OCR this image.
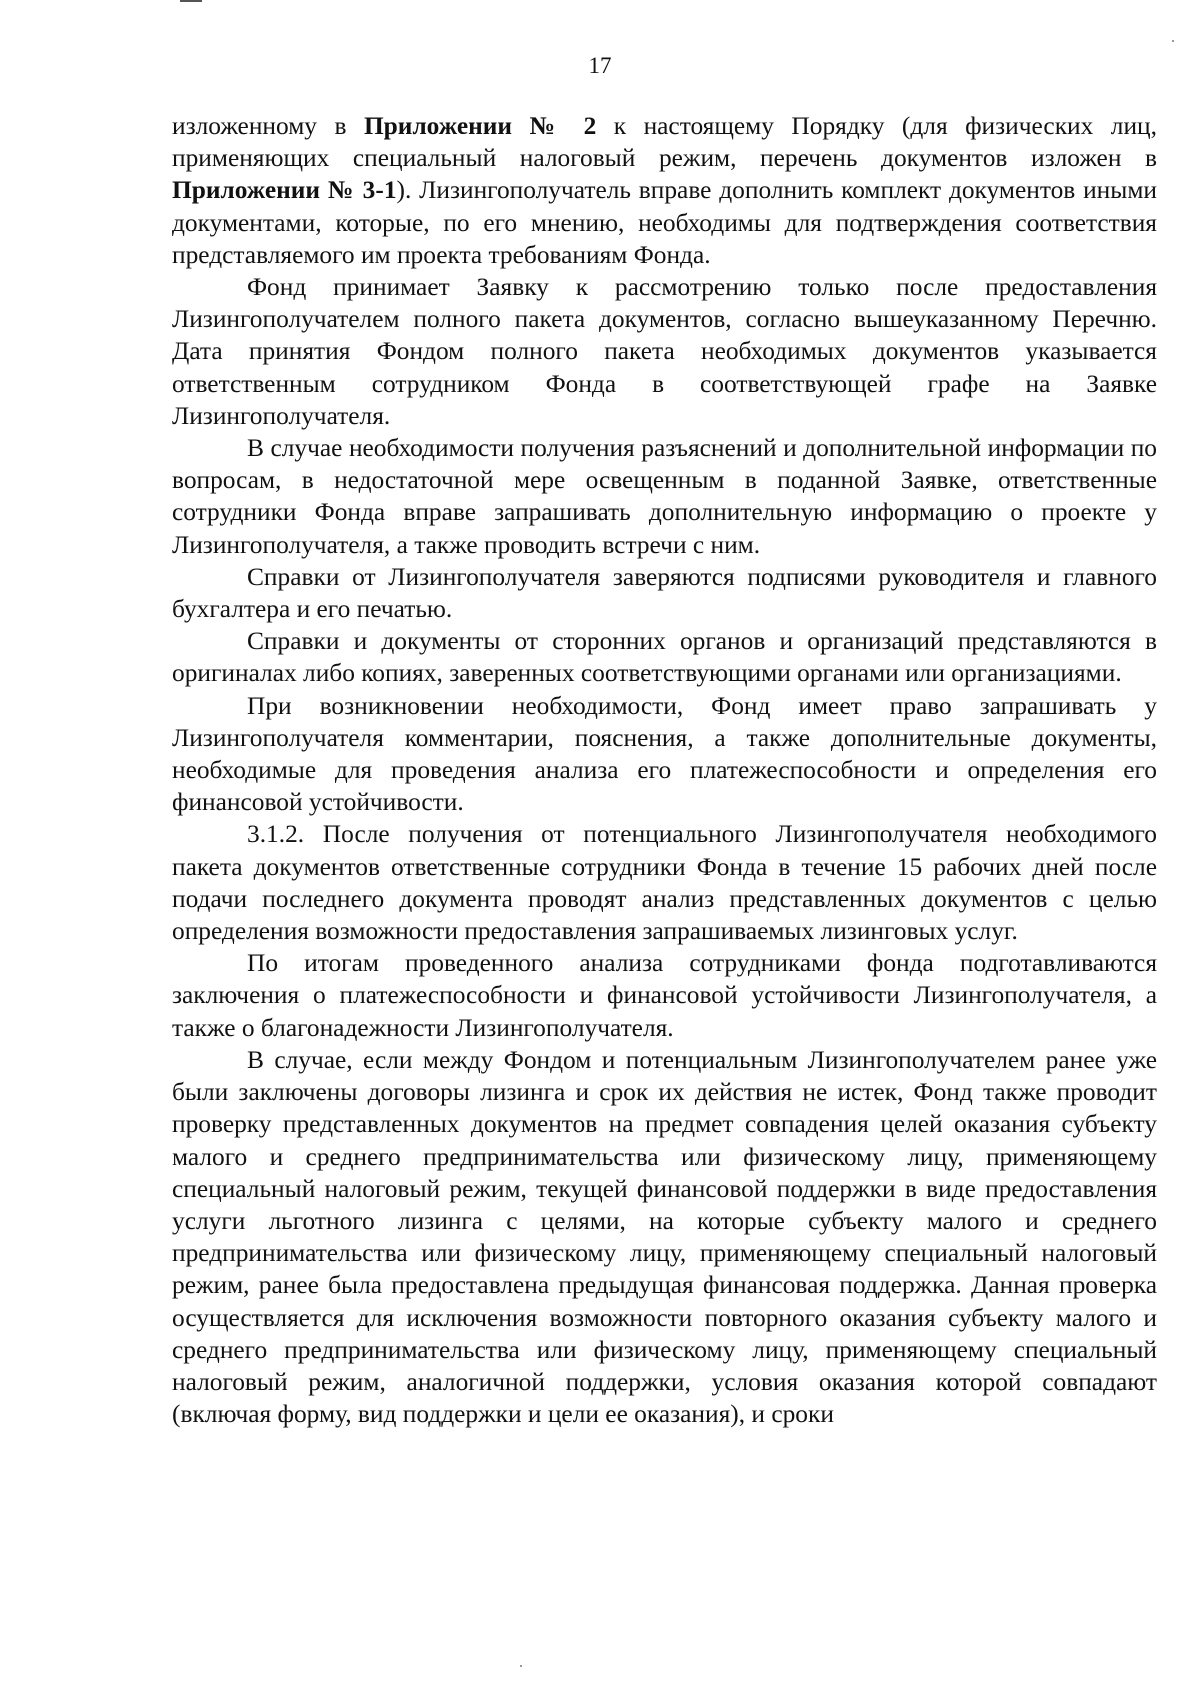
17

изложенному в Приложении № 2 к настоящему Порядку (для физических лиц, применяющих специальный налоговый режим, перечень документов изложен в Приложении № 3-1). Лизингополучатель вправе дополнить комплект документов иными документами, которые, по его мнению, необходимы для подтверждения соответствия представляемого им проекта требованиям Фонда.

Фонд принимает Заявку к рассмотрению только после предоставления Лизингополучателем полного пакета документов, согласно вышеуказанному Перечню. Дата принятия Фондом полного пакета необходимых документов указывается ответственным сотрудником Фонда в соответствующей графе на Заявке Лизингополучателя.

В случае необходимости получения разъяснений и дополнительной информации по вопросам, в недостаточной мере освещенным в поданной Заявке, ответственные сотрудники Фонда вправе запрашивать дополнительную информацию о проекте у Лизингополучателя, а также проводить встречи с ним.

Справки от Лизингополучателя заверяются подписями руководителя и главного бухгалтера и его печатью.

Справки и документы от сторонних органов и организаций представляются в оригиналах либо копиях, заверенных соответствующими органами или организациями.

При возникновении необходимости, Фонд имеет право запрашивать у Лизингополучателя комментарии, пояснения, а также дополнительные документы, необходимые для проведения анализа его платежеспособности и определения его финансовой устойчивости.

3.1.2. После получения от потенциального Лизингополучателя необходимого пакета документов ответственные сотрудники Фонда в течение 15 рабочих дней после подачи последнего документа проводят анализ представленных документов с целью определения возможности предоставления запрашиваемых лизинговых услуг.

По итогам проведенного анализа сотрудниками фонда подготавливаются заключения о платежеспособности и финансовой устойчивости Лизингополучателя, а также о благонадежности Лизингополучателя.

В случае, если между Фондом и потенциальным Лизингополучателем ранее уже были заключены договоры лизинга и срок их действия не истек, Фонд также проводит проверку представленных документов на предмет совпадения целей оказания субъекту малого и среднего предпринимательства или физическому лицу, применяющему специальный налоговый режим, текущей финансовой поддержки в виде предоставления услуги льготного лизинга с целями, на которые субъекту малого и среднего предпринимательства или физическому лицу, применяющему специальный налоговый режим, ранее была предоставлена предыдущая финансовая поддержка. Данная проверка осуществляется для исключения возможности повторного оказания субъекту малого и среднего предпринимательства или физическому лицу, применяющему специальный налоговый режим, аналогичной поддержки, условия оказания которой совпадают (включая форму, вид поддержки и цели ее оказания), и сроки
